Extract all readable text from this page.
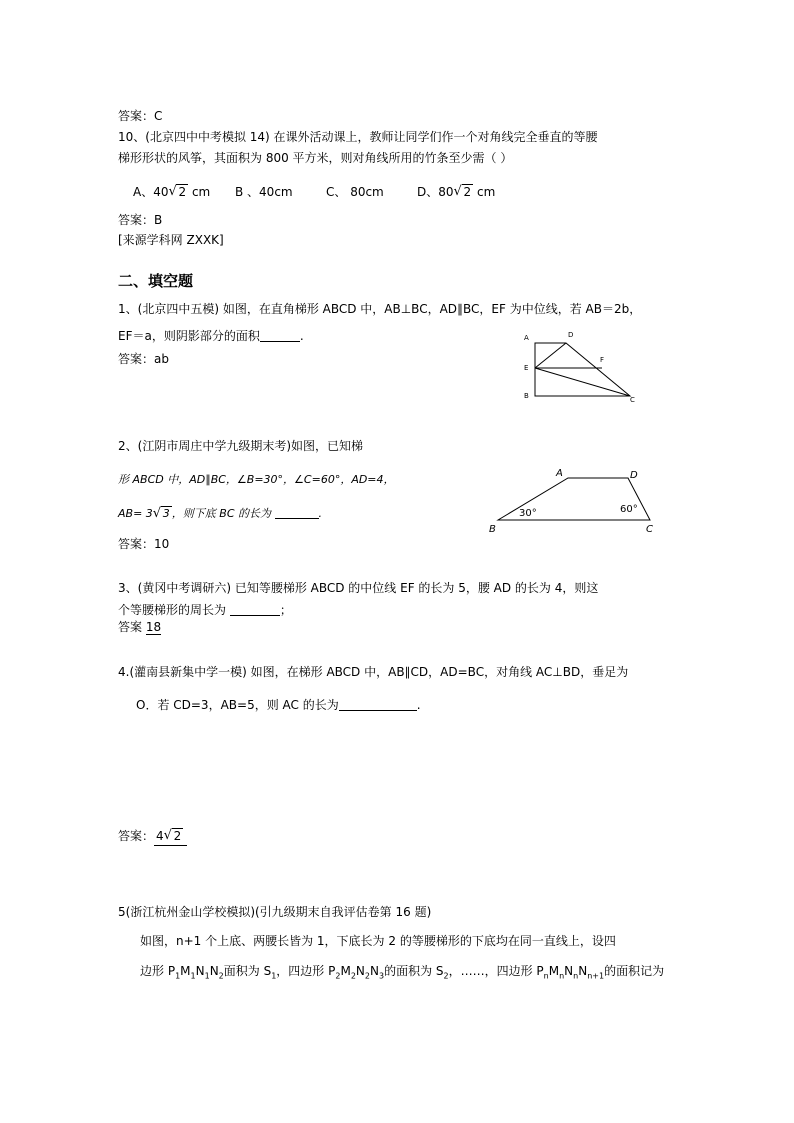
答案：C
10、(北京四中中考模拟 14) 在课外活动课上，教师让同学们作一个对角线完全垂直的等腰
梯形形状的风筝，其面积为 800 平方米，则对角线所用的竹条至少需（ ）
A、40 √ 2 cm B 、40cm	C、 80cm	D、80 √ 2 cm
答案：B
[来源学科网 ZXXK]
二、填空题
1、(北京四中五模) 如图，在直角梯形 ABCD 中，AB⊥BC，AD∥BC，EF 为中位线，若 AB＝2b，
EF＝a，则阴影部分的面积	.
答案：ab
A	D
E
F
B	C
2、(江阴市周庄中学九级期末考)如图，已知梯
形 ABCD 中，AD∥BC，∠B=30°，∠C=60°，AD=4，
AB= 3 √ 3 ，则下底 BC 的长为	.
答案：10
A	D
B	C
30°	60°
3、(黄冈中考调研六) 已知等腰梯形 ABCD 的中位线 EF 的长为 5，腰 AD 的长为 4，则这
个等腰梯形的周长为	；
答案 18
4.(灌南县新集中学一模) 如图，在梯形 ABCD 中，AB∥CD，AD=BC，对角线 AC⊥BD，垂足为
O．若 CD=3，AB=5，则 AC 的长为	.
答案： 4 √ 2
5(浙江杭州金山学校模拟)(引九级期末自我评估卷第 16 题)
如图，n+1 个上底、两腰长皆为 1，下底长为 2 的等腰梯形的下底均在同一直线上，设四
边形 $P_1M_1N_1N_2$面积为 $S_1$，四边形 $P_2M_2N_2N_3$的面积为 $S_2$，……，四边形 $P_nM_nN_nN_{n+1}$的面积记为
